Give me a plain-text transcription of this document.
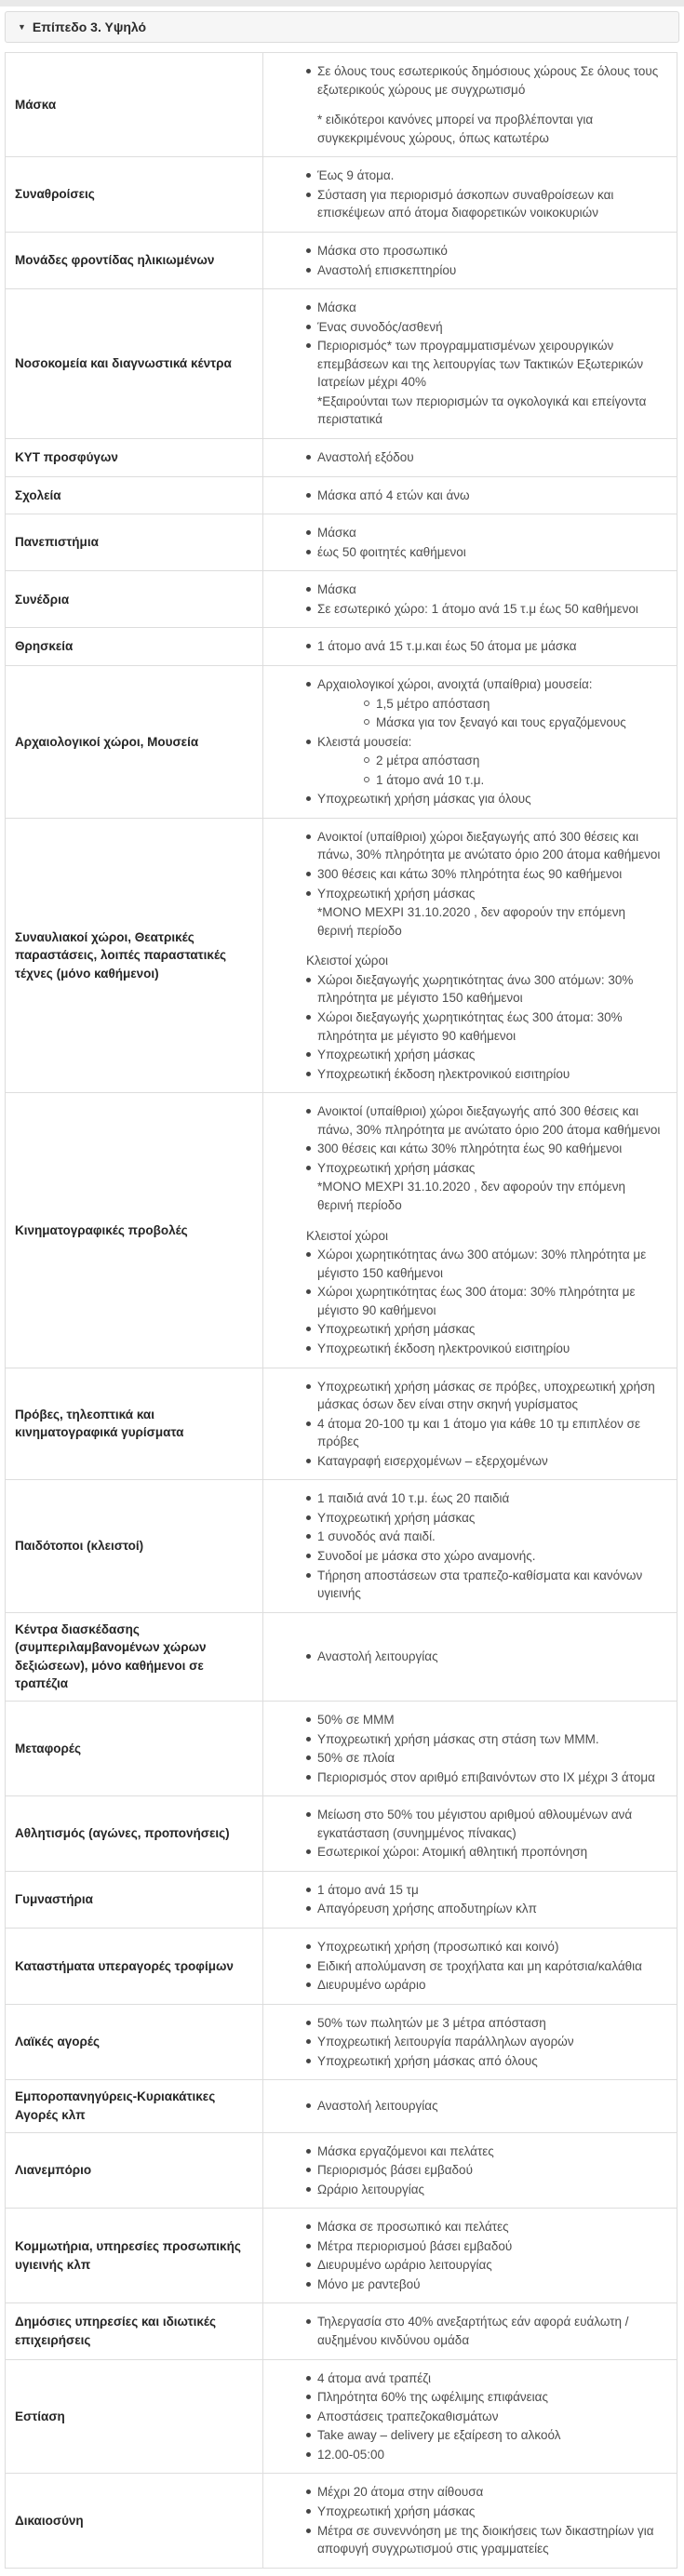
▼ Επίπεδο 3. Υψηλό
Μάσκα	Σε όλους τους εσωτερικούς δημόσιους χώρους Σε όλους τους εξωτερικούς χώρους με συγχρωτισμό
* ειδικότεροι κανόνες μπορεί να προβλέπονται για συγκεκριμένους χώρους, όπως κατωτέρω

Συναθροίσεις	Έως 9 άτομα.
Σύσταση για περιορισμό άσκοπων συναθροίσεων και επισκέψεων από άτομα διαφορετικών νοικοκυριών

Μονάδες φροντίδας ηλικιωμένων	Μάσκα στο προσωπικό
Αναστολή επισκεπτηρίου

Νοσοκομεία και διαγνωστικά κέντρα	Μάσκα
Ένας συνοδός/ασθενή
Περιορισμός* των προγραμματισμένων χειρουργικών επεμβάσεων και της λειτουργίας των Τακτικών Εξωτερικών Ιατρείων μέχρι 40%
*Εξαιρούνται των περιορισμών τα ογκολογικά και επείγοντα περιστατικά

ΚΥΤ προσφύγων	Αναστολή εξόδου

Σχολεία	Μάσκα από 4 ετών και άνω

Πανεπιστήμια	Μάσκα
έως 50 φοιτητές καθήμενοι

Συνέδρια	Μάσκα
Σε εσωτερικό χώρο: 1 άτομο ανά 15 τ.μ έως 50 καθήμενοι

Θρησκεία	1 άτομο ανά 15 τ.μ.και έως 50 άτομα με μάσκα

Αρχαιολογικοί χώροι, Μουσεία	
Αρχαιολογικοί χώροι, ανοιχτά (υπαίθρια) μουσεία:
1,5 μέτρο απόσταση
Μάσκα για τον ξεναγό και τους εργαζόμενους
Κλειστά μουσεία:
2 μέτρα απόσταση
1 άτομο ανά 10 τ.μ.
Υποχρεωτική χρήση μάσκας για όλους

Συναυλιακοί χώροι, Θεατρικές παραστάσεις, λοιπές παραστατικές τέχνες (μόνο καθήμενοι)	
Ανοικτοί (υπαίθριοι) χώροι διεξαγωγής από 300 θέσεις και πάνω, 30% πληρότητα με ανώτατο όριο 200 άτομα καθήμενοι
300 θέσεις και κάτω 30% πληρότητα έως 90 καθήμενοι
Υποχρεωτική χρήση μάσκας
*ΜΟΝΟ ΜΕΧΡΙ 31.10.2020 , δεν αφορούν την επόμενη θερινή περίοδο
Κλειστοί χώροι
Χώροι διεξαγωγής χωρητικότητας άνω 300 ατόμων: 30% πληρότητα με μέγιστο 150 καθήμενοι
Χώροι διεξαγωγής χωρητικότητας έως 300 άτομα: 30% πληρότητα με μέγιστο 90 καθήμενοι
Υποχρεωτική χρήση μάσκας
Υποχρεωτική έκδοση ηλεκτρονικού εισιτηρίου

Κινηματογραφικές προβολές	
Ανοικτοί (υπαίθριοι) χώροι διεξαγωγής από 300 θέσεις και πάνω, 30% πληρότητα με ανώτατο όριο 200 άτομα καθήμενοι
300 θέσεις και κάτω 30% πληρότητα έως 90 καθήμενοι
Υποχρεωτική χρήση μάσκας
*ΜΟΝΟ ΜΕΧΡΙ 31.10.2020 , δεν αφορούν την επόμενη θερινή περίοδο
Κλειστοί χώροι
Χώροι χωρητικότητας άνω 300 ατόμων: 30% πληρότητα με μέγιστο 150 καθήμενοι
Χώροι χωρητικότητας έως 300 άτομα: 30% πληρότητα με μέγιστο 90 καθήμενοι
Υποχρεωτική χρήση μάσκας
Υποχρεωτική έκδοση ηλεκτρονικού εισιτηρίου

Πρόβες, τηλεοπτικά και κινηματογραφικά γυρίσματα	Υποχρεωτική χρήση μάσκας σε πρόβες, υποχρεωτική χρήση μάσκας όσων δεν είναι στην σκηνή γυρίσματος
4 άτομα 20-100 τμ και 1 άτομο για κάθε 10 τμ επιπλέον σε πρόβες
Καταγραφή εισερχομένων – εξερχομένων

Παιδότοποι (κλειστοί)	1 παιδιά ανά 10 τ.μ. έως 20 παιδιά
Υποχρεωτική χρήση μάσκας
1 συνοδός ανά παιδί.
Συνοδοί με μάσκα στο χώρο αναμονής.
Τήρηση αποστάσεων στα τραπεζο-καθίσματα και κανόνων υγιεινής

Κέντρα διασκέδασης (συμπεριλαμβανομένων χώρων δεξιώσεων), μόνο καθήμενοι σε τραπέζια	Αναστολή λειτουργίας

Μεταφορές	50% σε ΜΜΜ
Υποχρεωτική χρήση μάσκας στη στάση των ΜΜΜ.
50% σε πλοία
Περιορισμός στον αριθμό επιβαινόντων στο ΙΧ μέχρι 3 άτομα

Αθλητισμός (αγώνες, προπονήσεις)	Μείωση στο 50% του μέγιστου αριθμού αθλουμένων ανά εγκατάσταση (συνημμένος πίνακας)
Εσωτερικοί χώροι: Ατομική αθλητική προπόνηση

Γυμναστήρια	1 άτομο ανά 15 τμ
Απαγόρευση χρήσης αποδυτηρίων κλπ

Καταστήματα υπεραγορές τροφίμων	Υποχρεωτική χρήση (προσωπικό και κοινό)
Ειδική απολύμανση σε τροχήλατα και μη καρότσια/καλάθια
Διευρυμένο ωράριο

Λαϊκές αγορές	50% των πωλητών με 3 μέτρα απόσταση
Υποχρεωτική λειτουργία παράλληλων αγορών
Υποχρεωτική χρήση μάσκας από όλους

Εμποροπανηγύρεις-Κυριακάτικες Αγορές κλπ	Αναστολή λειτουργίας

Λιανεμπόριο	Μάσκα εργαζόμενοι και πελάτες
Περιορισμός βάσει εμβαδού
Ωράριο λειτουργίας

Κομμωτήρια, υπηρεσίες προσωπικής υγιεινής κλπ	Μάσκα σε προσωπικό και πελάτες
Μέτρα περιορισμού βάσει εμβαδού
Διευρυμένο ωράριο λειτουργίας
Μόνο με ραντεβού

Δημόσιες υπηρεσίες και ιδιωτικές επιχειρήσεις	Τηλεργασία στο 40% ανεξαρτήτως εάν αφορά ευάλωτη /αυξημένου κινδύνου ομάδα

Εστίαση	4 άτομα ανά τραπέζι
Πληρότητα 60% της ωφέλιμης επιφάνειας
Αποστάσεις τραπεζοκαθισμάτων
Take away – delivery με εξαίρεση το αλκοόλ
12.00-05:00

Δικαιοσύνη	Μέχρι 20 άτομα στην αίθουσα
Υποχρεωτική χρήση μάσκας
Μέτρα σε συνεννόηση με της διοικήσεις των δικαστηρίων για αποφυγή συγχρωτισμού στις γραμματείες
